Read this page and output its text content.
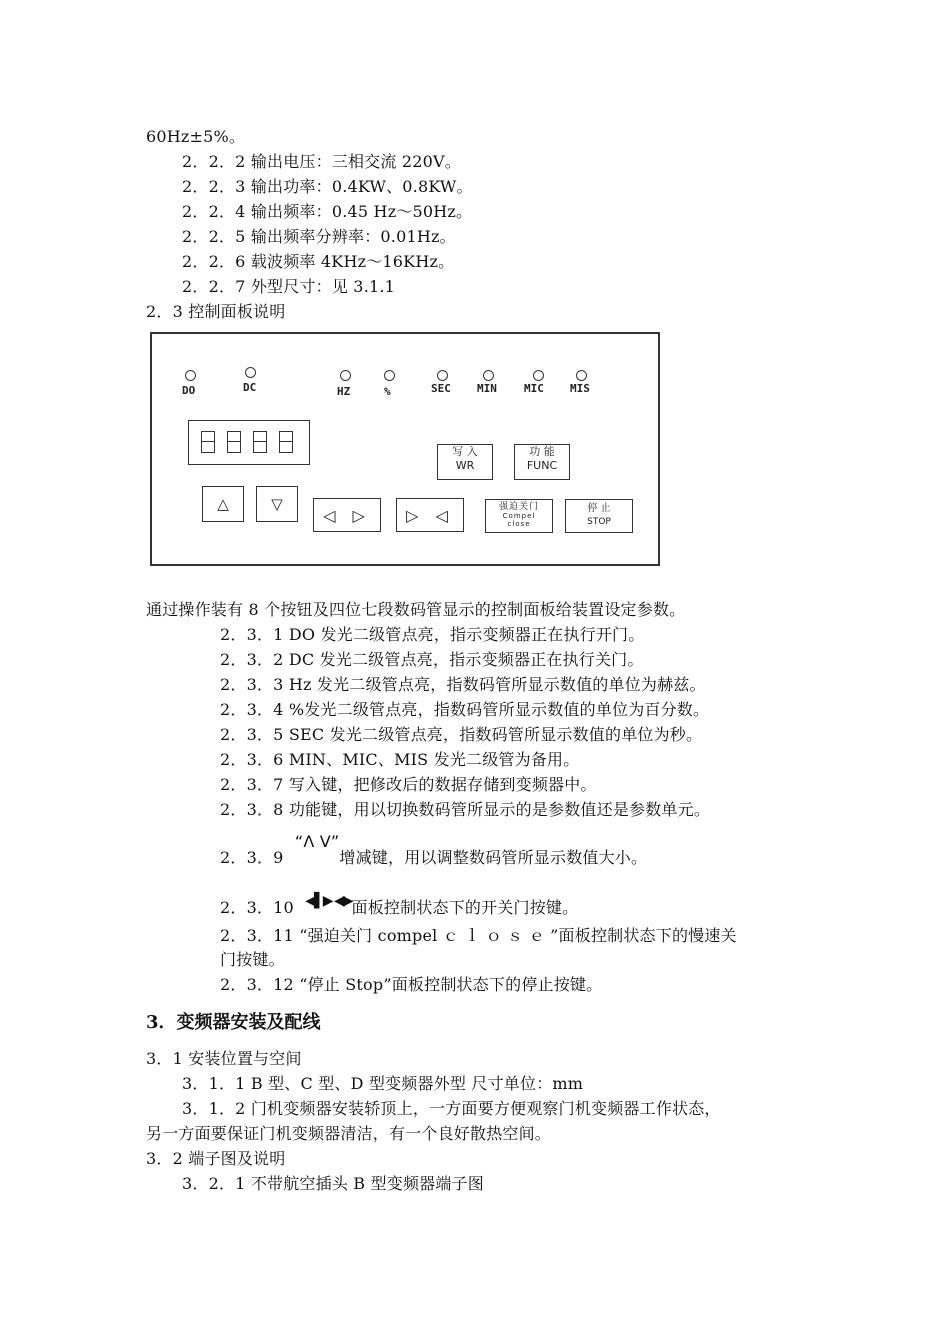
60Hz±5%。
2．2．2 输出电压：三相交流 220V。
2．2．3 输出功率：0.4KW、0.8KW。
2．2．4 输出频率：0.45 Hz～50Hz。
2．2．5 输出频率分辨率：0.01Hz。
2．2．6 载波频率 4KHz～16KHz。
2．2．7 外型尺寸：见 3.1.1
2．3 控制面板说明
DO	DC	HZ	%	SEC MIN MIC MIS
写 入
WR
功 能
FUNC
△	▽
◁ ▷	▷ ◁	强迫关门
Compel
close
停 止
STOP
通过操作装有 8 个按钮及四位七段数码管显示的控制面板给装置设定参数。
2．3．1 DO 发光二级管点亮，指示变频器正在执行开门。
2．3．2 DC 发光二级管点亮，指示变频器正在执行关门。
2．3．3 Hz 发光二级管点亮，指数码管所显示数值的单位为赫兹。
2．3．4 %发光二级管点亮，指数码管所显示数值的单位为百分数。
2．3．5 SEC 发光二级管点亮，指数码管所显示数值的单位为秒。
2．3．6 MIN、MIC、MIS 发光二级管为备用。
2．3．7 写入键，把修改后的数据存储到变频器中。
2．3．8 功能键，用以切换数码管所显示的是参数值还是参数单元。
2．3．9 “Λ V”增减键，用以调整数码管所显示数值大小。
2．3．10 ◀▌▶ ◀▶面板控制状态下的开关门按键。
2．3．11 “强迫关门 compel ｃ ｌ ｏ ｓ ｅ ”面板控制状态下的慢速关
门按键。
2．3．12 “停止 Stop”面板控制状态下的停止按键。
3．变频器安装及配线
3．1 安装位置与空间
3．1．1 B 型、C 型、D 型变频器外型 尺寸单位：mm
3．1．2 门机变频器安装轿顶上，一方面要方便观察门机变频器工作状态，
另一方面要保证门机变频器清洁，有一个良好散热空间。
3．2 端子图及说明
3．2．1 不带航空插头 B 型变频器端子图
